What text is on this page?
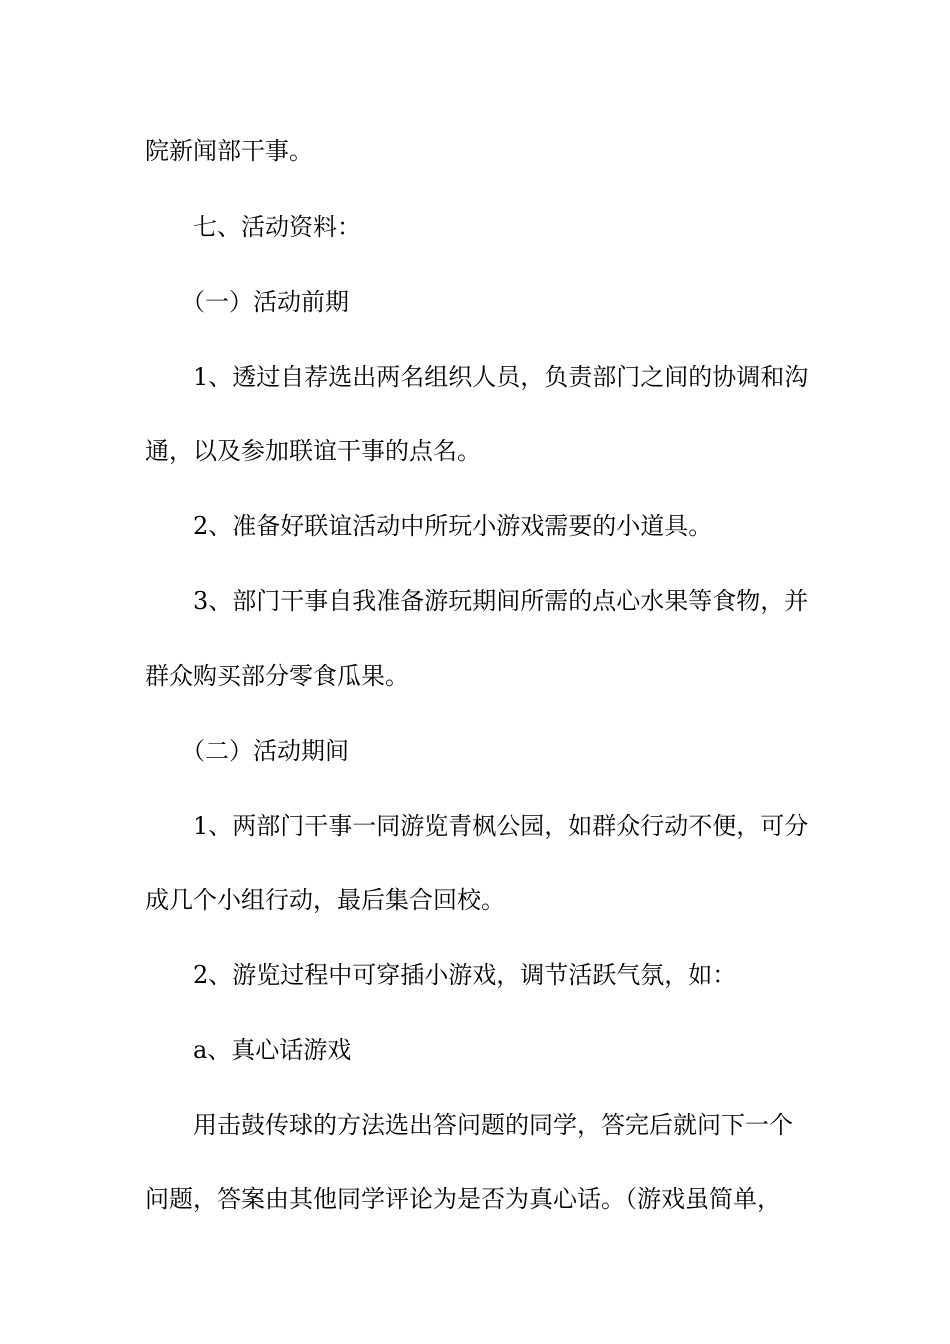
院新闻部干事。

七、活动资料：

（一）活动前期

1、透过自荐选出两名组织人员，负责部门之间的协调和沟

通，以及参加联谊干事的点名。

2、准备好联谊活动中所玩小游戏需要的小道具。

3、部门干事自我准备游玩期间所需的点心水果等食物，并

群众购买部分零食瓜果。

（二）活动期间

1、两部门干事一同游览青枫公园，如群众行动不便，可分

成几个小组行动，最后集合回校。

2、游览过程中可穿插小游戏，调节活跃气氛，如：

a、真心话游戏

用击鼓传球的方法选出答问题的同学，答完后就问下一个

问题，答案由其他同学评论为是否为真心话。（游戏虽简单，
